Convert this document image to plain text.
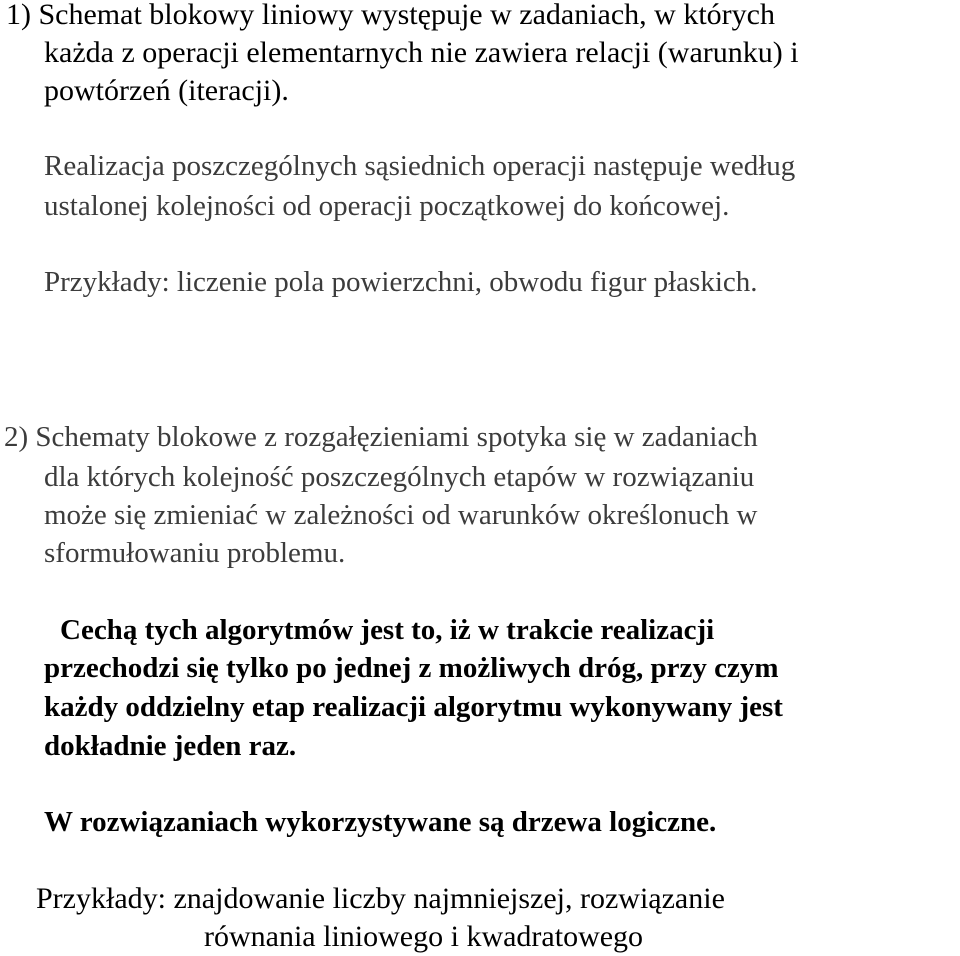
1) Schemat blokowy liniowy występuje w zadaniach, w których

każda z operacji elementarnych nie zawiera relacji (warunku) i

powtórzeń (iteracji).

Realizacja poszczególnych sąsiednich operacji następuje według

ustalonej kolejności od operacji początkowej do końcowej.

Przykłady: liczenie pola powierzchni, obwodu figur płaskich.

2) Schematy blokowe z rozgałęzieniami spotyka się w zadaniach

dla których kolejność poszczególnych etapów w rozwiązaniu

może się zmieniać w zależności od warunków określonuch w

sformułowaniu problemu.

Cechą tych algorytmów jest to, iż w trakcie realizacji

przechodzi się tylko po jednej z możliwych dróg, przy czym

każdy oddzielny etap realizacji algorytmu wykonywany jest

dokładnie jeden raz.

W rozwiązaniach wykorzystywane są drzewa logiczne.

Przykłady: znajdowanie liczby najmniejszej, rozwiązanie

równania liniowego i kwadratowego
